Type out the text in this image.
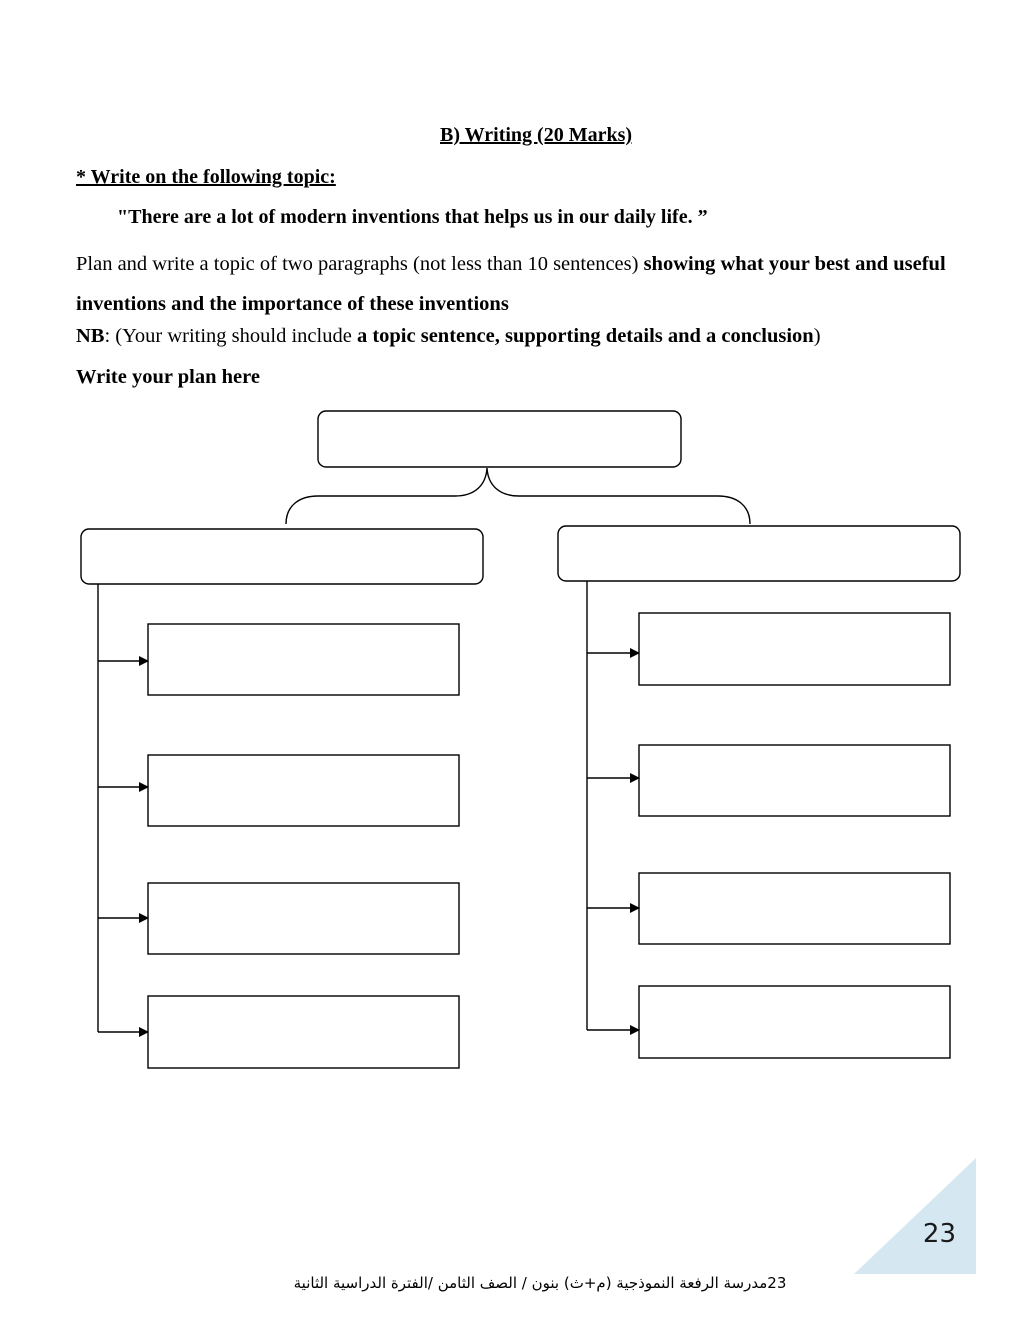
B) Writing (20 Marks)
* Write on the following topic:
"There are a lot of modern inventions that helps us in our daily life. ”
Plan and write a topic of two paragraphs (not less than 10 sentences) showing what your best and useful inventions and the importance of these inventions
NB: (Your writing should include a topic sentence, supporting details and a conclusion)
Write your plan here
23
23مدرسة الرفعة النموذجية (م+ث) بنون / الصف الثامن /الفترة الدراسية الثانية
